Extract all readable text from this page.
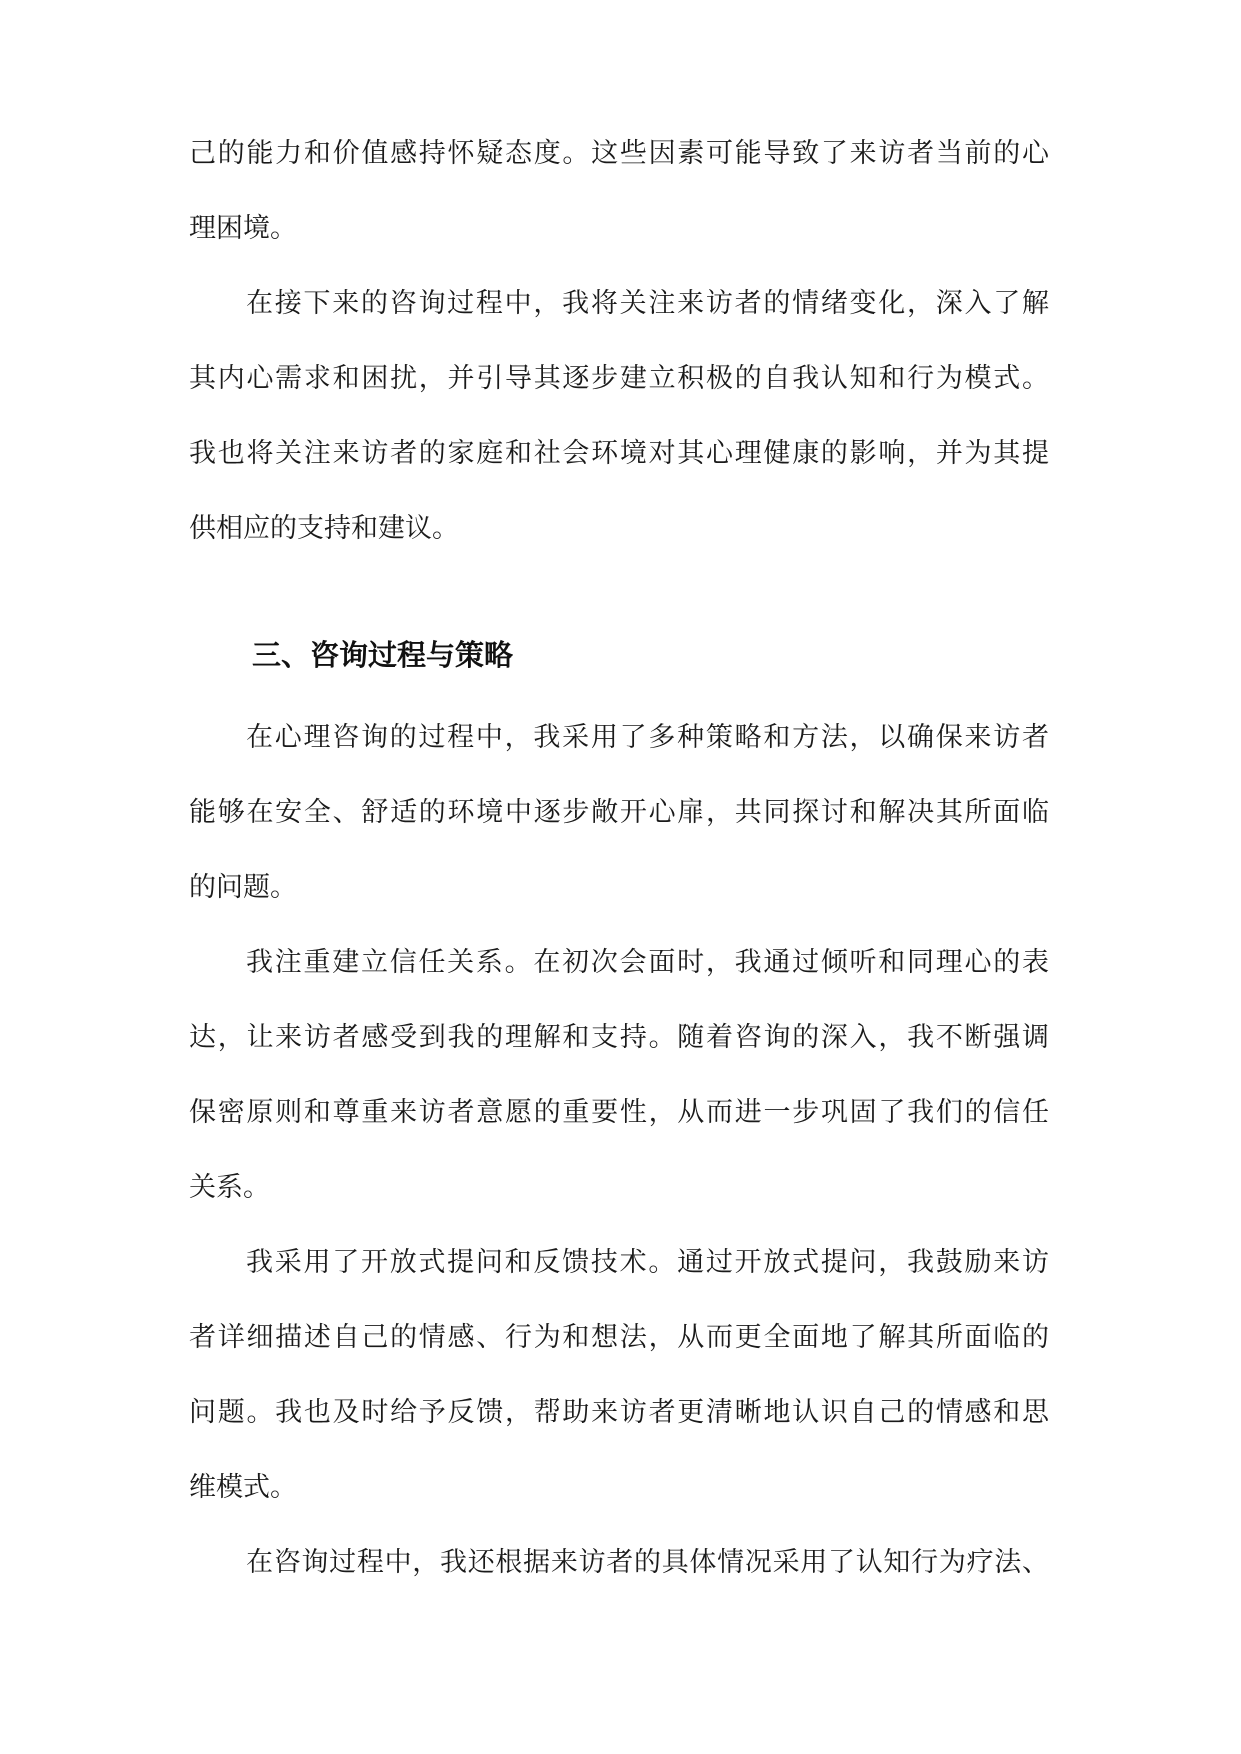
己的能力和价值感持怀疑态度。这些因素可能导致了来访者当前的心

理困境。

在接下来的咨询过程中，我将关注来访者的情绪变化，深入了解

其内心需求和困扰，并引导其逐步建立积极的自我认知和行为模式。

我也将关注来访者的家庭和社会环境对其心理健康的影响，并为其提

供相应的支持和建议。

三、咨询过程与策略

在心理咨询的过程中，我采用了多种策略和方法，以确保来访者

能够在安全、舒适的环境中逐步敞开心扉，共同探讨和解决其所面临

的问题。

我注重建立信任关系。在初次会面时，我通过倾听和同理心的表

达，让来访者感受到我的理解和支持。随着咨询的深入，我不断强调

保密原则和尊重来访者意愿的重要性，从而进一步巩固了我们的信任

关系。

我采用了开放式提问和反馈技术。通过开放式提问，我鼓励来访

者详细描述自己的情感、行为和想法，从而更全面地了解其所面临的

问题。我也及时给予反馈，帮助来访者更清晰地认识自己的情感和思

维模式。

在咨询过程中，我还根据来访者的具体情况采用了认知行为疗法、
